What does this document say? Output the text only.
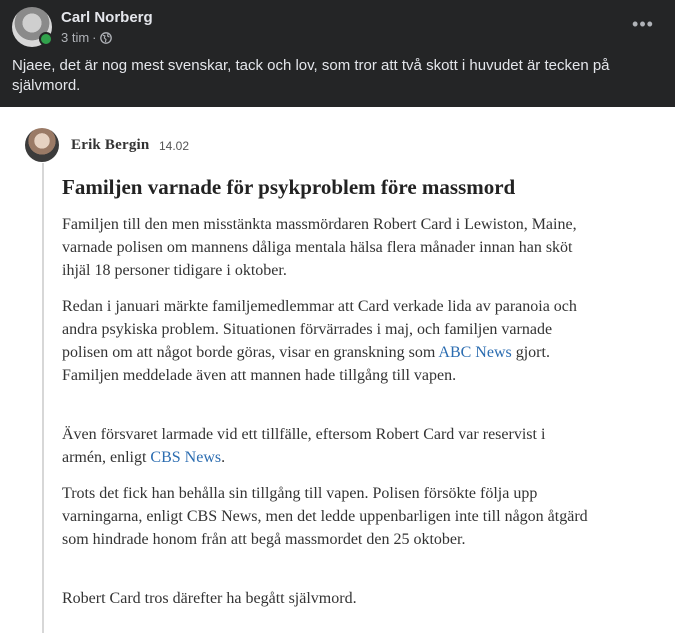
Carl Norberg
3 tim ·
•••
Njaee, det är nog mest svenskar, tack och lov, som tror att två skott i huvudet är tecken på självmord.
Erik Bergin 14.02
Familjen varnade för psykproblem före massmord
Familjen till den men misstänkta massmördaren Robert Card i Lewiston, Maine, varnade polisen om mannens dåliga mentala hälsa flera månader innan han sköt ihjäl 18 personer tidigare i oktober.
Redan i januari märkte familjemedlemmar att Card verkade lida av paranoia och andra psykiska problem. Situationen förvärrades i maj, och familjen varnade polisen om att något borde göras, visar en granskning som ABC News gjort. Familjen meddelade även att mannen hade tillgång till vapen.
Även försvaret larmade vid ett tillfälle, eftersom Robert Card var reservist i armén, enligt CBS News.
Trots det fick han behålla sin tillgång till vapen. Polisen försökte följa upp varningarna, enligt CBS News, men det ledde uppenbarligen inte till någon åtgärd som hindrade honom från att begå massmordet den 25 oktober.
Robert Card tros därefter ha begått självmord.
